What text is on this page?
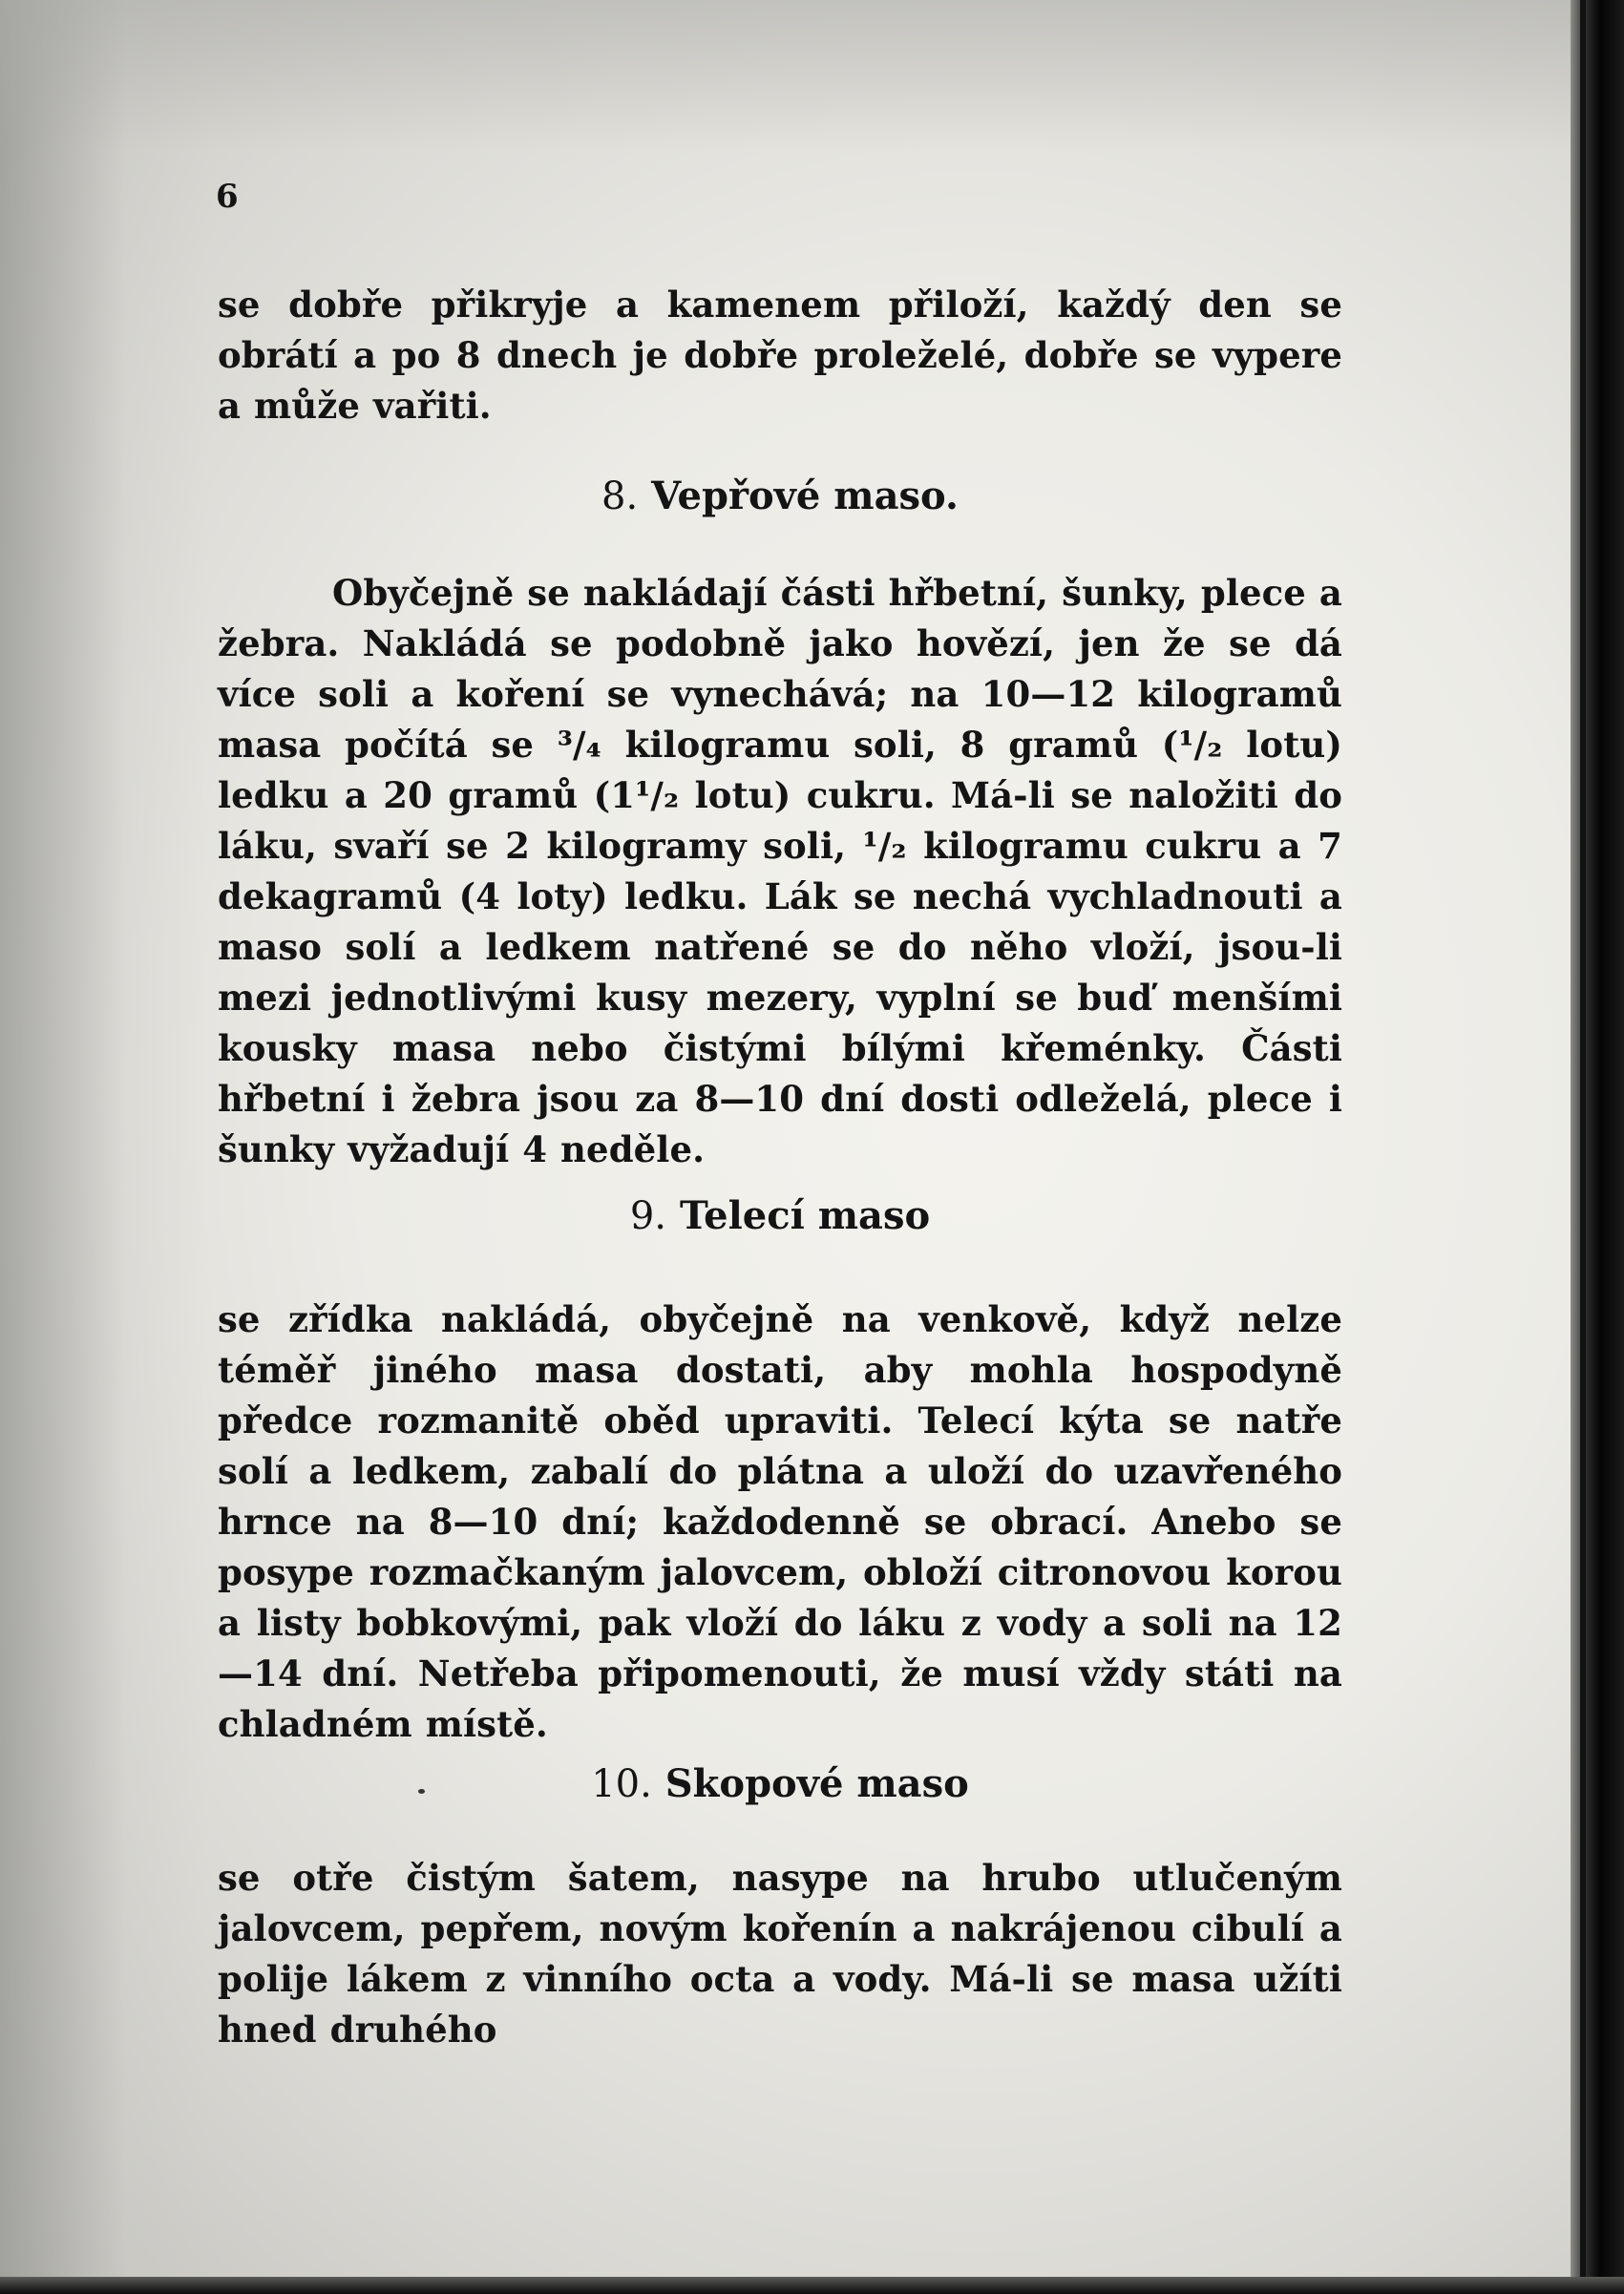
6

se dobře přikryje a kamenem přiloží, každý den se obrátí a po 8 dnech je dobře proleželé, dobře se vypere a může vařiti.

8. Vepřové maso.

Obyčejně se nakládají části hřbetní, šunky, plece a žebra. Nakládá se podobně jako hovězí, jen že se dá více soli a koření se vynechává; na 10—12 kilogramů masa počítá se ³/₄ kilogramu soli, 8 gramů (¹/₂ lotu) ledku a 20 gramů (1¹/₂ lotu) cukru. Má-li se naložiti do láku, svaří se 2 kilogramy soli, ¹/₂ kilogramu cukru a 7 dekagramů (4 loty) ledku. Lák se nechá vychladnouti a maso solí a ledkem natřené se do něho vloží, jsou-li mezi jednotlivými kusy mezery, vyplní se buď menšími kousky masa nebo čistými bílými křeménky. Části hřbetní i žebra jsou za 8—10 dní dosti odleželá, plece i šunky vyžadují 4 neděle.

9. Telecí maso

se zřídka nakládá, obyčejně na venkově, když nelze téměř jiného masa dostati, aby mohla hospodyně předce rozmanitě oběd upraviti. Telecí kýta se natře solí a ledkem, zabalí do plátna a uloží do uzavřeného hrnce na 8—10 dní; každodenně se obrací. Anebo se posype rozmačkaným jalovcem, obloží citronovou korou a listy bobkovými, pak vloží do láku z vody a soli na 12—14 dní. Netřeba připomenouti, že musí vždy státi na chladném místě.

10. Skopové maso

se otře čistým šatem, nasype na hrubo utlučeným jalovcem, pepřem, novým kořenín a nakrájenou cibulí a polije lákem z vinního octa a vody. Má-li se masa užíti hned druhého
